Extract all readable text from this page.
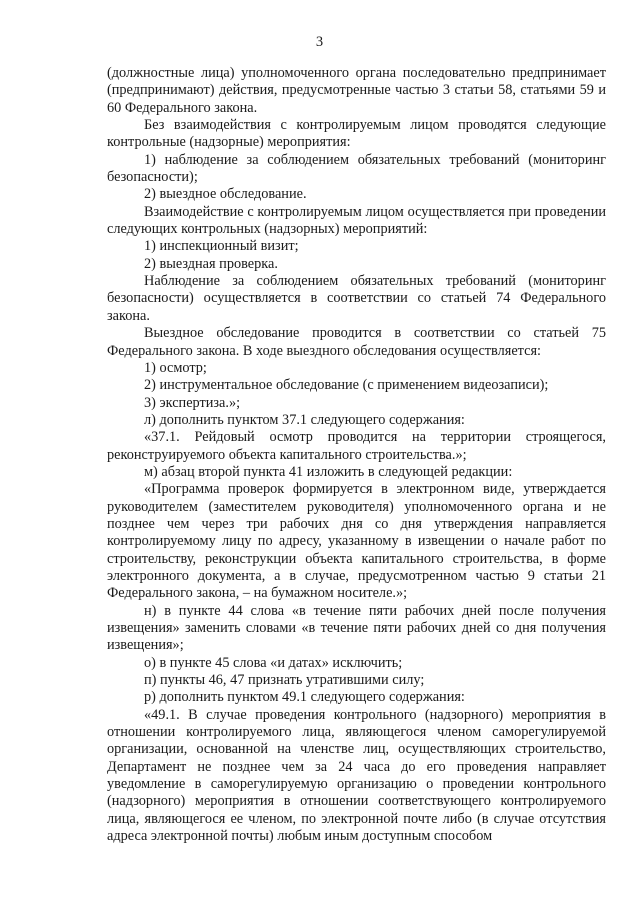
3

(должностные лица) уполномоченного органа последовательно предпринимает (предпринимают) действия, предусмотренные частью 3 статьи 58, статьями 59 и 60 Федерального закона.

Без взаимодействия с контролируемым лицом проводятся следующие контрольные (надзорные) мероприятия:

1) наблюдение за соблюдением обязательных требований (мониторинг безопасности);

2) выездное обследование.

Взаимодействие с контролируемым лицом осуществляется при проведении следующих контрольных (надзорных) мероприятий:

1) инспекционный визит;

2) выездная проверка.

Наблюдение за соблюдением обязательных требований (мониторинг безопасности) осуществляется в соответствии со статьей 74 Федерального закона.

Выездное обследование проводится в соответствии со статьей 75 Федерального закона. В ходе выездного обследования осуществляется:

1) осмотр;

2) инструментальное обследование (с применением видеозаписи);

3) экспертиза.»;

л) дополнить пунктом 37.1 следующего содержания:

«37.1. Рейдовый осмотр проводится на территории строящегося, реконструируемого объекта капитального строительства.»;

м) абзац второй пункта 41 изложить в следующей редакции:

«Программа проверок формируется в электронном виде, утверждается руководителем (заместителем руководителя) уполномоченного органа и не позднее чем через три рабочих дня со дня утверждения направляется контролируемому лицу по адресу, указанному в извещении о начале работ по строительству, реконструкции объекта капитального строительства, в форме электронного документа, а в случае, предусмотренном частью 9 статьи 21 Федерального закона, – на бумажном носителе.»;

н) в пункте 44 слова «в течение пяти рабочих дней после получения извещения» заменить словами «в течение пяти рабочих дней со дня получения извещения»;

о) в пункте 45 слова «и датах» исключить;

п) пункты 46, 47 признать утратившими силу;

р) дополнить пунктом 49.1 следующего содержания:

«49.1. В случае проведения контрольного (надзорного) мероприятия в отношении контролируемого лица, являющегося членом саморегулируемой организации, основанной на членстве лиц, осуществляющих строительство, Департамент не позднее чем за 24 часа до его проведения направляет уведомление в саморегулируемую организацию о проведении контрольного (надзорного) мероприятия в отношении соответствующего контролируемого лица, являющегося ее членом, по электронной почте либо (в случае отсутствия адреса электронной почты) любым иным доступным способом
